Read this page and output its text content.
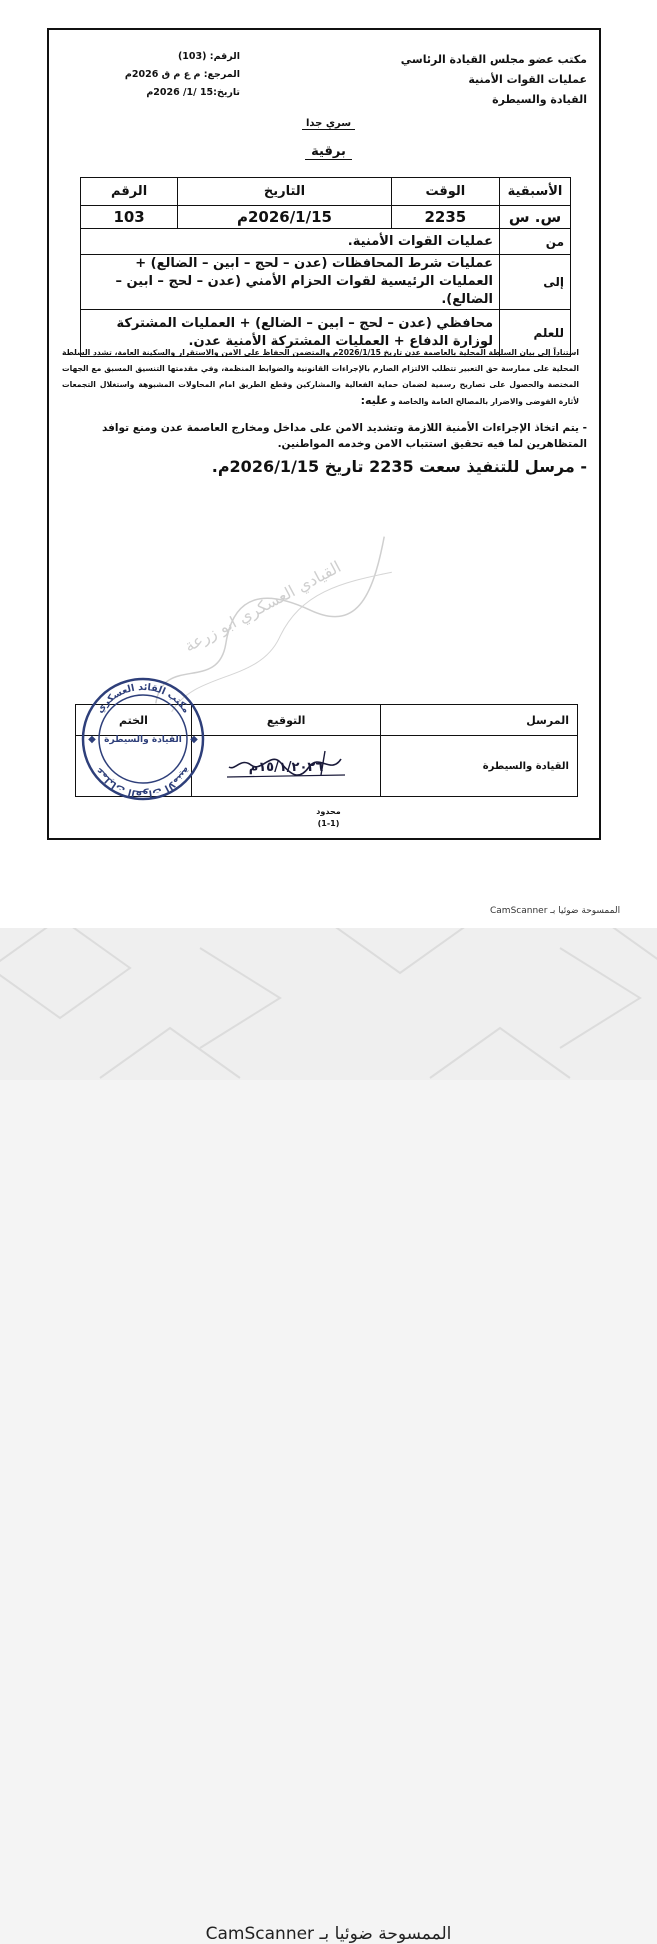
مكتب عضو مجلس القيادة الرئاسي
عمليات القوات الأمنية
القيادة والسيطرة
الرقم: (103)
المرجع: م ع م ق 2026م
تاريخ:15 /1/ 2026م
سري جدا
برقية
الأسبقية	الوقت	التاريخ	الرقم
س. س	2235	2026/1/15م	103
من	عمليات القوات الأمنية.		
إلى	عمليات شرط المحافظات (عدن – لحج – ابين – الضالع) + العمليات الرئيسية لقوات الحزام الأمني (عدن – لحج – ابين – الضالع).		
للعلم	محافظي (عدن – لحج – ابين – الضالع) + العمليات المشتركة لوزارة الدفاع + العمليات المشتركة الأمنية عدن.		
استناداً إلى بيان السلطة المحلية بالعاصمة عدن تاريخ 2026/1/15م والمتضمن الحفاظ على الامن والاستقرار والسكينة العامة، تشدد السلطة المحلية على ممارسة حق التعبير تتطلب الالتزام الصارم بالإجراءات القانونية والضوابط المنظمة، وفي مقدمتها التنسيق المسبق مع الجهات المختصة والحصول على تصاريح رسمية لضمان حماية الفعالية والمشاركين وقطع الطريق امام المحاولات المشبوهة واستغلال التجمعات لأثارة الفوضى والاضرار بالمصالح العامة والخاصة و عليه:
- يتم اتخاذ الإجراءات الأمنية اللازمة وتشديد الامن على مداخل ومخارج العاصمة عدن ومنع توافد المتظاهرين لما فيه تحقيق استتباب الامن وخدمه المواطنين.
- مرسل للتنفيذ سعت 2235 تاريخ 2026/1/15م.
القيادي العسكري ابو زرعة
المرسل	التوقيع	الختم
القيادة والسيطرة	١٥/١/٢٠٢٦م	

مكتب القائد العسكري
عمليات القوات الأمنية
القيادة والسيطرة
◆	◆
محدود
(1-1)
الممسوحة ضوئيا بـ CamScanner
الممسوحة ضوئيا بـ CamScanner
